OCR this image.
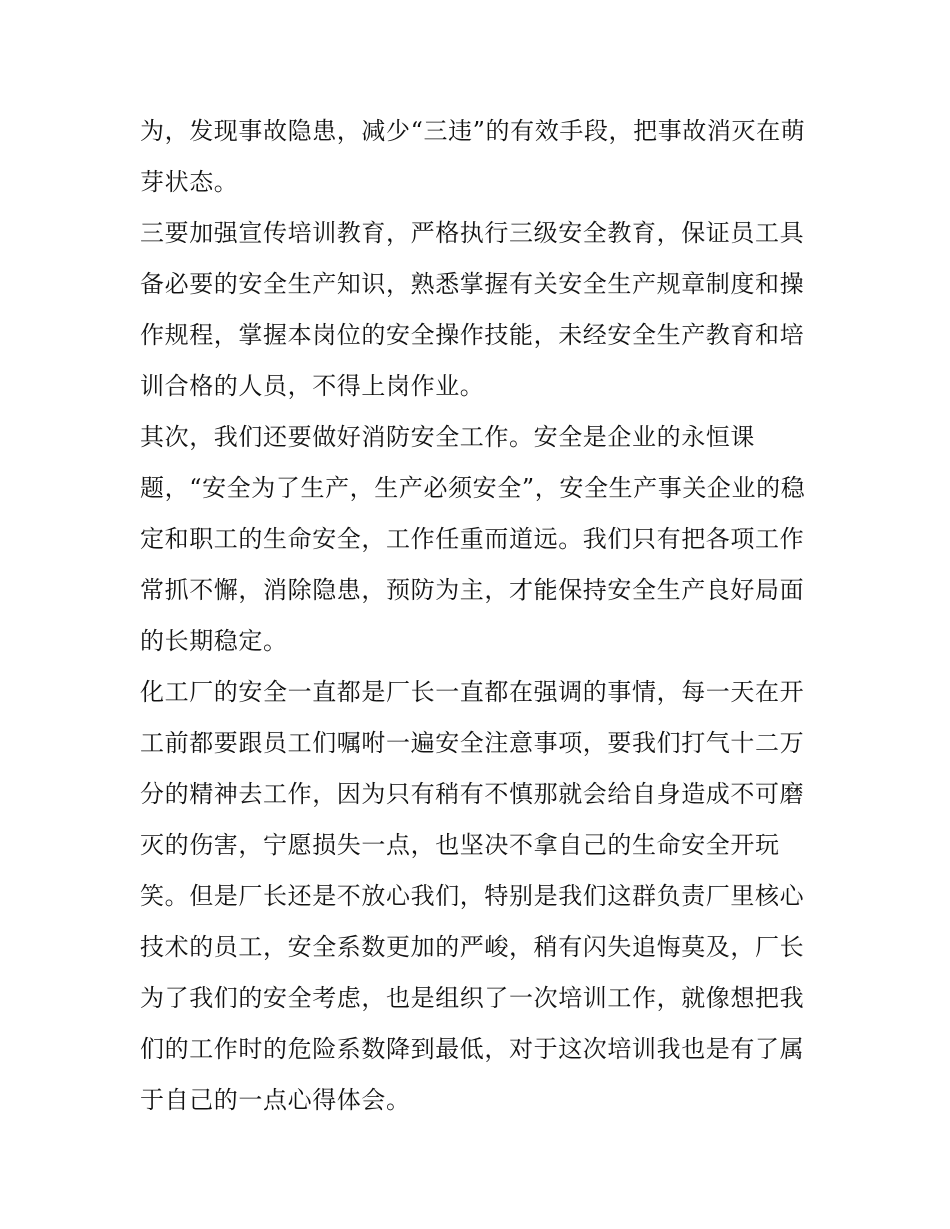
为，发现事故隐患，减少“三违”的有效手段，把事故消灭在萌
芽状态。
三要加强宣传培训教育，严格执行三级安全教育，保证员工具
备必要的安全生产知识，熟悉掌握有关安全生产规章制度和操
作规程，掌握本岗位的安全操作技能，未经安全生产教育和培
训合格的人员，不得上岗作业。
其次，我们还要做好消防安全工作。安全是企业的永恒课
题，“安全为了生产，生产必须安全”，安全生产事关企业的稳
定和职工的生命安全，工作任重而道远。我们只有把各项工作
常抓不懈，消除隐患，预防为主，才能保持安全生产良好局面
的长期稳定。
化工厂的安全一直都是厂长一直都在强调的事情，每一天在开
工前都要跟员工们嘱咐一遍安全注意事项，要我们打气十二万
分的精神去工作，因为只有稍有不慎那就会给自身造成不可磨
灭的伤害，宁愿损失一点，也坚决不拿自己的生命安全开玩
笑。但是厂长还是不放心我们，特别是我们这群负责厂里核心
技术的员工，安全系数更加的严峻，稍有闪失追悔莫及，厂长
为了我们的安全考虑，也是组织了一次培训工作，就像想把我
们的工作时的危险系数降到最低，对于这次培训我也是有了属
于自己的一点心得体会。
